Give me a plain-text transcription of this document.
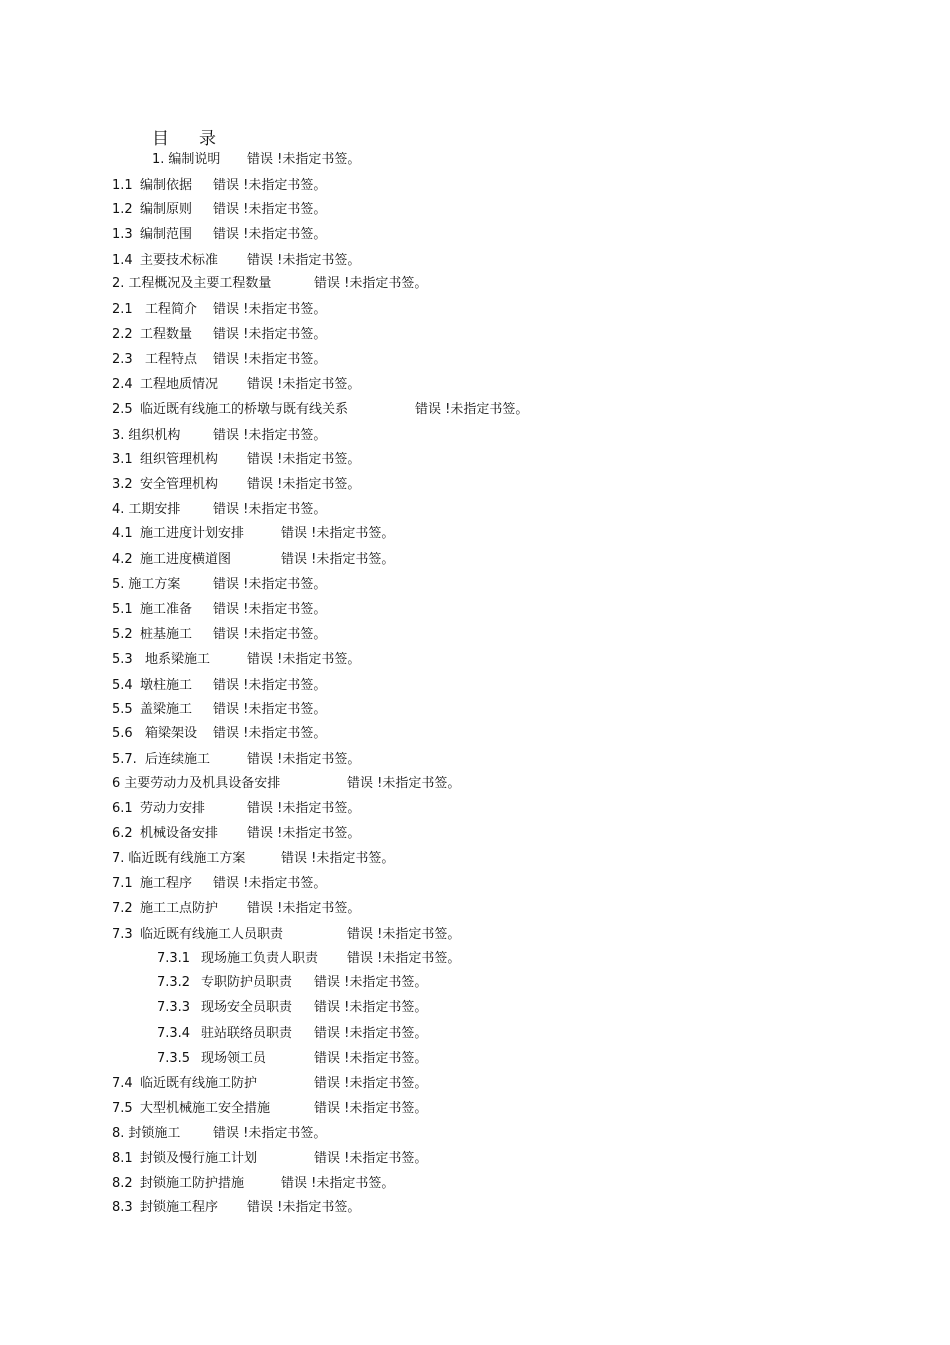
目 录
1. 编制说明 错误 !未指定书签。
1.1 编制依据 错误 !未指定书签。
1.2 编制原则 错误 !未指定书签。
1.3 编制范围 错误 !未指定书签。
1.4 主要技术标准 错误 !未指定书签。
2. 工程概况及主要工程数量	错误 !未指定书签。
2.1 工程简介 错误 !未指定书签。
2.2 工程数量 错误 !未指定书签。
2.3 工程特点 错误 !未指定书签。
2.4 工程地质情况 错误 !未指定书签。
2.5 临近既有线施工的桥墩与既有线关系	错误 !未指定书签。
3. 组织机构	错误 !未指定书签。
3.1 组织管理机构 错误 !未指定书签。
3.2 安全管理机构 错误 !未指定书签。
4. 工期安排	错误 !未指定书签。
4.1 施工进度计划安排	错误 !未指定书签。
4.2 施工进度横道图	错误 !未指定书签。
5. 施工方案	错误 !未指定书签。
5.1 施工准备 错误 !未指定书签。
5.2 桩基施工 错误 !未指定书签。
5.3 地系梁施工	错误 !未指定书签。
5.4 墩柱施工 错误 !未指定书签。
5.5 盖梁施工 错误 !未指定书签。
5.6 箱梁架设 错误 !未指定书签。
5.7. 后连续施工	错误 !未指定书签。
6 主要劳动力及机具设备安排	错误 !未指定书签。
6.1 劳动力安排	错误 !未指定书签。
6.2 机械设备安排 错误 !未指定书签。
7. 临近既有线施工方案	错误 !未指定书签。
7.1 施工程序 错误 !未指定书签。
7.2 施工工点防护 错误 !未指定书签。
7.3 临近既有线施工人员职责	错误 !未指定书签。
7.3.1 现场施工负责人职责 错误 !未指定书签。
7.3.2 专职防护员职责 错误 !未指定书签。
7.3.3 现场安全员职责 错误 !未指定书签。
7.3.4 驻站联络员职责 错误 !未指定书签。
7.3.5 现场领工员	错误 !未指定书签。
7.4 临近既有线施工防护	错误 !未指定书签。
7.5 大型机械施工安全措施	错误 !未指定书签。
8. 封锁施工	错误 !未指定书签。
8.1 封锁及慢行施工计划	错误 !未指定书签。
8.2 封锁施工防护措施	错误 !未指定书签。
8.3 封锁施工程序 错误 !未指定书签。
